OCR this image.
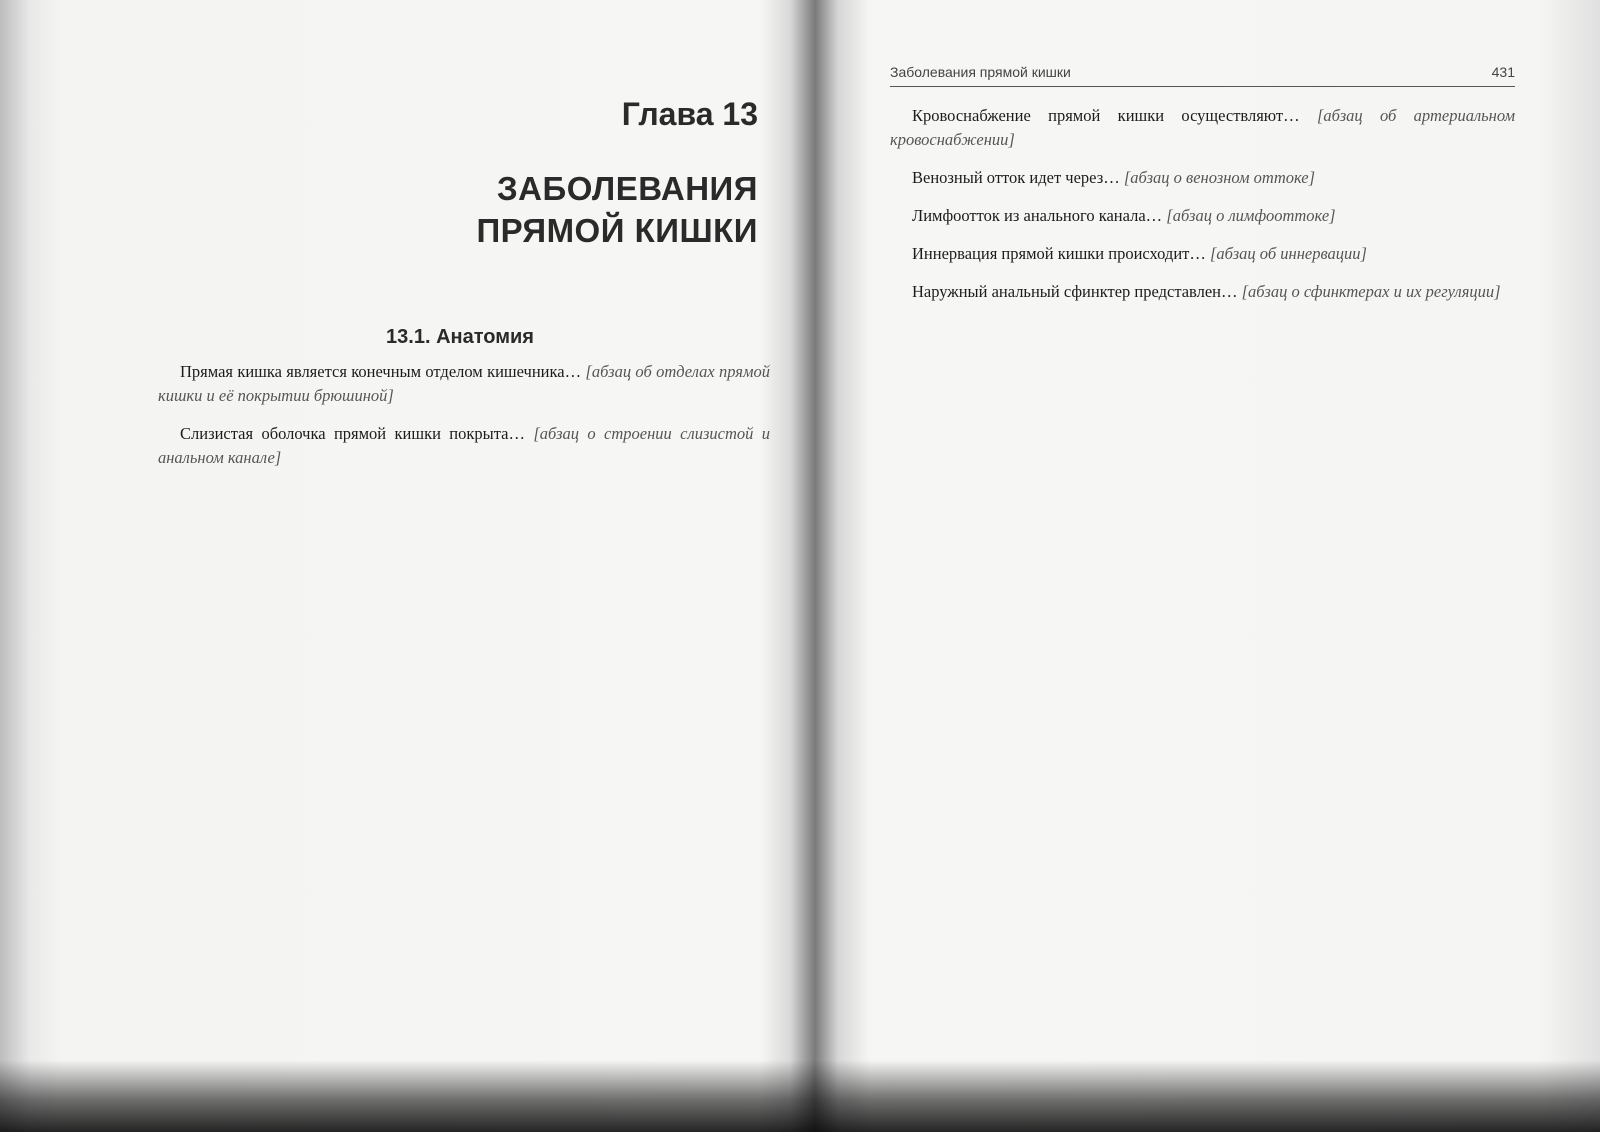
Глава 13
ЗАБОЛЕВАНИЯ
ПРЯМОЙ КИШКИ
13.1. Анатомия

Прямая кишка является конечным отделом кишечника… [абзац об отделах прямой кишки и её покрытии брюшиной]

Слизистая оболочка прямой кишки покрыта… [абзац о строении слизистой и анальном канале]

Заболевания прямой кишки	431

Кровоснабжение прямой кишки осуществляют… [абзац об артериальном кровоснабжении]

Венозный отток идет через… [абзац о венозном оттоке]

Лимфоотток из анального канала… [абзац о лимфооттоке]

Иннервация прямой кишки происходит… [абзац об иннервации]

Наружный анальный сфинктер представлен… [абзац о сфинктерах и их регуляции]
